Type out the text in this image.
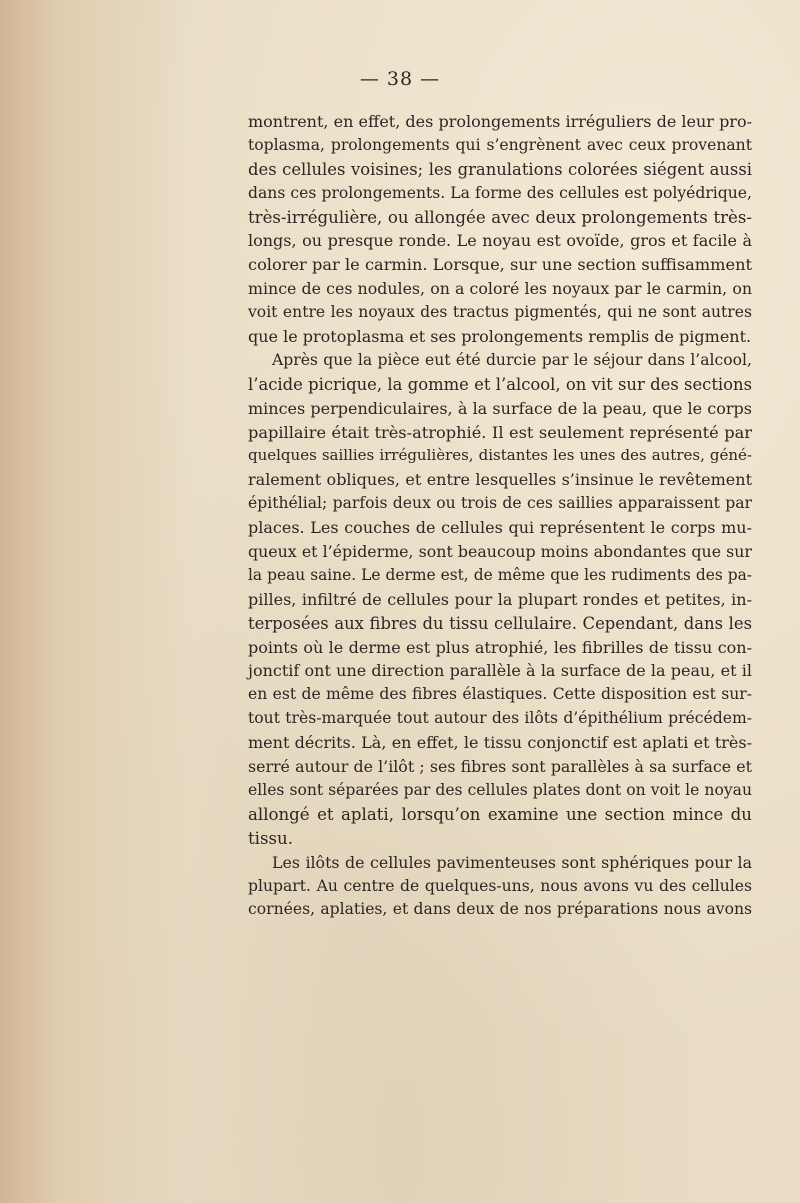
— 38 —
montrent, en effet, des prolongements irréguliers de leur pro-
toplasma, prolongements qui s’engrènent avec ceux provenant
des cellules voisines; les granulations colorées siégent aussi
dans ces prolongements. La forme des cellules est polyédrique,
très-irrégulière, ou allongée avec deux prolongements très-
longs, ou presque ronde. Le noyau est ovoïde, gros et facile à
colorer par le carmin. Lorsque, sur une section suffisamment
mince de ces nodules, on a coloré les noyaux par le carmin, on
voit entre les noyaux des tractus pigmentés, qui ne sont autres
que le protoplasma et ses prolongements remplis de pigment.
Après que la pièce eut été durcie par le séjour dans l’alcool,
l’acide picrique, la gomme et l’alcool, on vit sur des sections
minces perpendiculaires, à la surface de la peau, que le corps
papillaire était très-atrophié. Il est seulement représenté par
quelques saillies irrégulières, distantes les unes des autres, géné-
ralement obliques, et entre lesquelles s’insinue le revêtement
épithélial; parfois deux ou trois de ces saillies apparaissent par
places. Les couches de cellules qui représentent le corps mu-
queux et l’épiderme, sont beaucoup moins abondantes que sur
la peau saine. Le derme est, de même que les rudiments des pa-
pilles, infiltré de cellules pour la plupart rondes et petites, in-
terposées aux fibres du tissu cellulaire. Cependant, dans les
points où le derme est plus atrophié, les fibrilles de tissu con-
jonctif ont une direction parallèle à la surface de la peau, et il
en est de même des fibres élastiques. Cette disposition est sur-
tout très-marquée tout autour des ilôts d’épithélium précédem-
ment décrits. Là, en effet, le tissu conjonctif est aplati et très-
serré autour de l’ilôt ; ses fibres sont parallèles à sa surface et
elles sont séparées par des cellules plates dont on voit le noyau
allongé et aplati, lorsqu’on examine une section mince du
tissu.
Les ilôts de cellules pavimenteuses sont sphériques pour la
plupart. Au centre de quelques-uns, nous avons vu des cellules
cornées, aplaties, et dans deux de nos préparations nous avons
